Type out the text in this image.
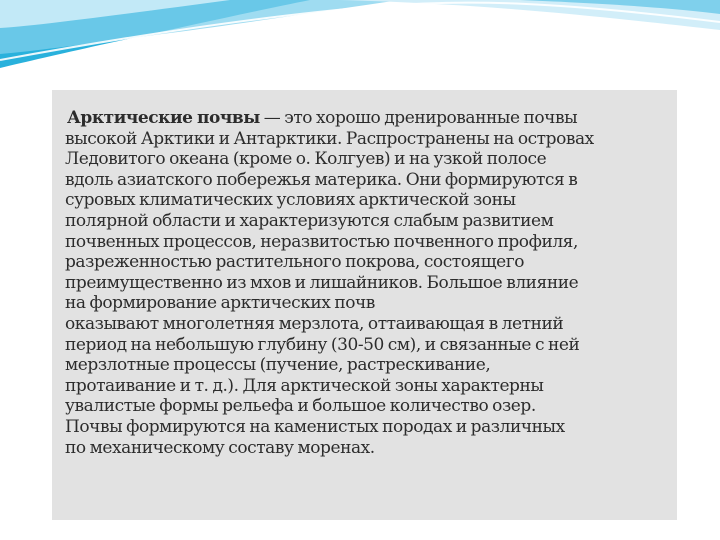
Арктические почвы — это хорошо дренированные почвы
высокой Арктики и Антарктики. Распространены на островах
Ледовитого океана (кроме о. Колгуев) и на узкой полосе
вдоль азиатского побережья материка. Они формируются в
суровых климатических условиях арктической зоны
полярной области и характеризуются слабым развитием
почвенных процессов, неразвитостью почвенного профиля,
разреженностью растительного покрова, состоящего
преимущественно из мхов и лишайников. Большое влияние
на формирование арктических почв
оказывают многолетняя мерзлота, оттаивающая в летний
период на небольшую глубину (30-50 см), и связанные с ней
мерзлотные процессы (пучение, растрескивание,
протаивание и т. д.). Для арктической зоны характерны
увалистые формы рельефа и большое количество озер.
Почвы формируются на каменистых породах и различных
по механическому составу моренах.
